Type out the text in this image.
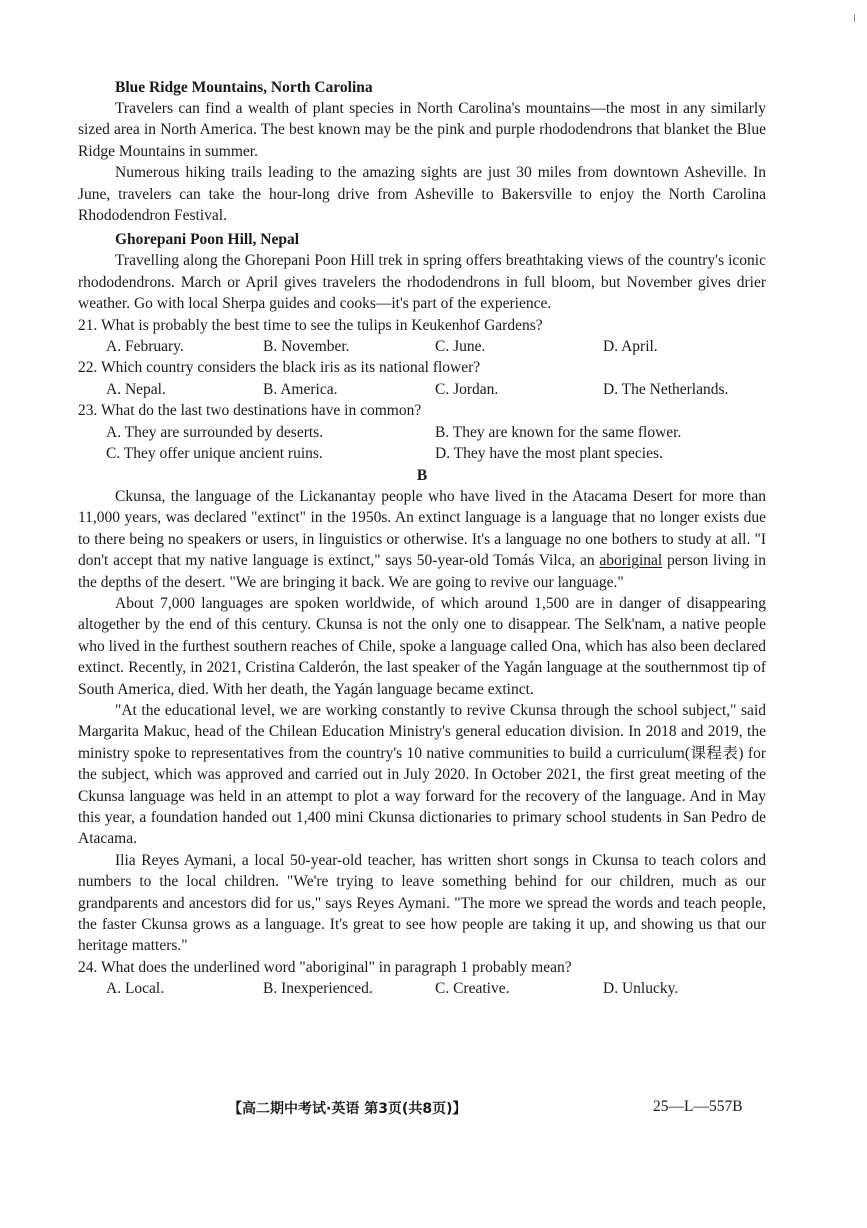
Blue Ridge Mountains, North Carolina

Travelers can find a wealth of plant species in North Carolina's mountains—the most in any similarly sized area in North America. The best known may be the pink and purple rhododendrons that blanket the Blue Ridge Mountains in summer.

Numerous hiking trails leading to the amazing sights are just 30 miles from downtown Asheville. In June, travelers can take the hour-long drive from Asheville to Bakersville to enjoy the North Carolina Rhododendron Festival.

Ghorepani Poon Hill, Nepal

Travelling along the Ghorepani Poon Hill trek in spring offers breathtaking views of the country's iconic rhododendrons. March or April gives travelers the rhododendrons in full bloom, but November gives drier weather. Go with local Sherpa guides and cooks—it's part of the experience.

21. What is probably the best time to see the tulips in Keukenhof Gardens?
A. February.	B. November.	C. June.	D. April.
22. Which country considers the black iris as its national flower?
A. Nepal.	B. America.	C. Jordan.	D. The Netherlands.
23. What do the last two destinations have in common?
A. They are surrounded by deserts.	B. They are known for the same flower.
C. They offer unique ancient ruins.	D. They have the most plant species.
B

Ckunsa, the language of the Lickanantay people who have lived in the Atacama Desert for more than 11,000 years, was declared "extinct" in the 1950s. An extinct language is a language that no longer exists due to there being no speakers or users, in linguistics or otherwise. It's a language no one bothers to study at all. "I don't accept that my native language is extinct," says 50-year-old Tomás Vilca, an aboriginal person living in the depths of the desert. "We are bringing it back. We are going to revive our language."

About 7,000 languages are spoken worldwide, of which around 1,500 are in danger of disappearing altogether by the end of this century. Ckunsa is not the only one to disappear. The Selk'nam, a native people who lived in the furthest southern reaches of Chile, spoke a language called Ona, which has also been declared extinct. Recently, in 2021, Cristina Calderón, the last speaker of the Yagán language at the southernmost tip of South America, died. With her death, the Yagán language became extinct.

"At the educational level, we are working constantly to revive Ckunsa through the school subject," said Margarita Makuc, head of the Chilean Education Ministry's general education division. In 2018 and 2019, the ministry spoke to representatives from the country's 10 native communities to build a curriculum(课程表) for the subject, which was approved and carried out in July 2020. In October 2021, the first great meeting of the Ckunsa language was held in an attempt to plot a way forward for the recovery of the language. And in May this year, a foundation handed out 1,400 mini Ckunsa dictionaries to primary school students in San Pedro de Atacama.

Ilia Reyes Aymani, a local 50-year-old teacher, has written short songs in Ckunsa to teach colors and numbers to the local children. "We're trying to leave something behind for our children, much as our grandparents and ancestors did for us," says Reyes Aymani. "The more we spread the words and teach people, the faster Ckunsa grows as a language. It's great to see how people are taking it up, and showing us that our heritage matters."

24. What does the underlined word "aboriginal" in paragraph 1 probably mean?
A. Local.	B. Inexperienced.	C. Creative.	D. Unlucky.
【高二期中考试·英语 第3页(共8页)】	25—L—557B
